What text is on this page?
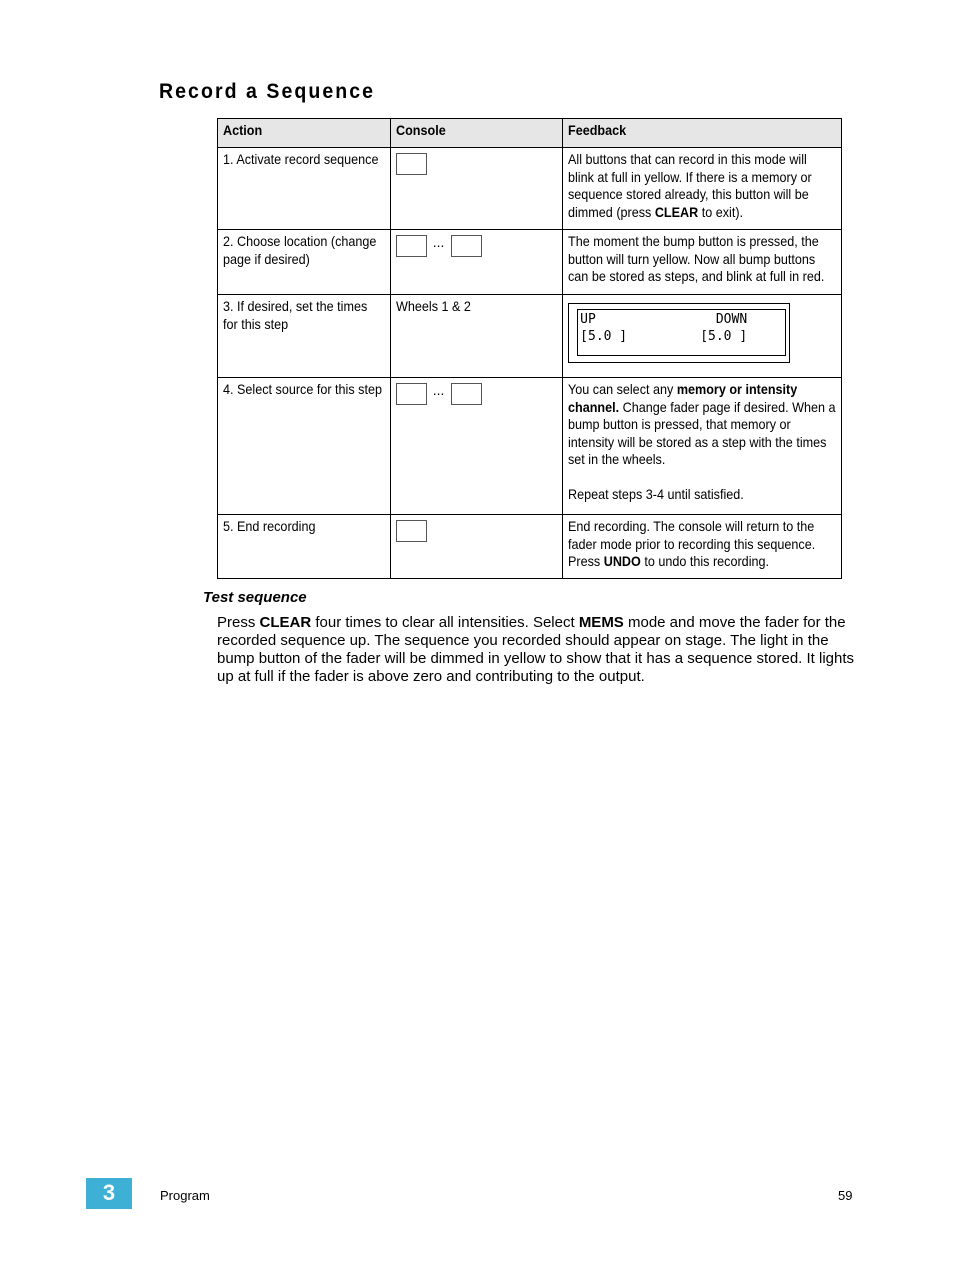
Record a Sequence
Action	Console	Feedback
1. Activate record sequence		All buttons that can record in this mode will blink at full in yellow. If there is a memory or sequence stored already, this button will be dimmed (press CLEAR to exit).
2. Choose location (change page if desired)	...	The moment the bump button is pressed, the button will turn yellow. Now all bump buttons can be stored as steps, and blink at full in red.
3. If desired, set the times for this step	Wheels 1 & 2	UP DOWN
[5.0 ] [5.0 ]

4. Select source for this step	...	You can select any memory or intensity channel. Change fader page if desired. When a bump button is pressed, that memory or intensity will be stored as a step with the times set in the wheels.
Repeat steps 3-4 until satisfied.
5. End recording		End recording. The console will return to the fader mode prior to recording this sequence. Press UNDO to undo this recording.
Test sequence

Press CLEAR four times to clear all intensities. Select MEMS mode and move the fader for the recorded sequence up. The sequence you recorded should appear on stage. The light in the bump button of the fader will be dimmed in yellow to show that it has a sequence stored. It lights up at full if the fader is above zero and contributing to the output.

3	Program	59
